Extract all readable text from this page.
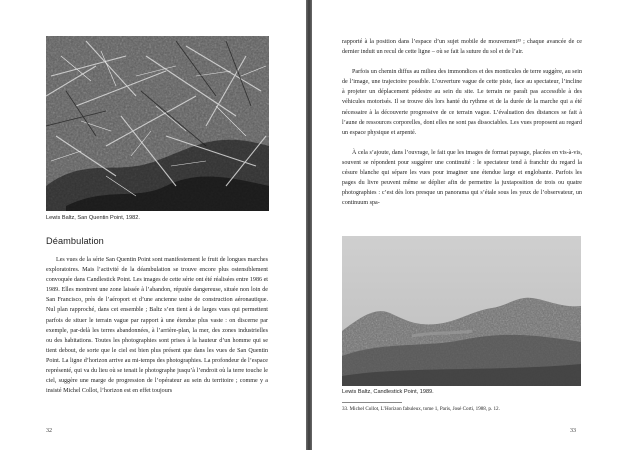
Lewis Baltz, San Quentin Point, 1982.
Déambulation

Les vues de la série San Quentin Point sont manifestement le fruit de longues marches exploratoires. Mais l’activité de la déambulation se trouve encore plus ostensiblement convoquée dans Candlestick Point. Les images de cette série ont été réalisées entre 1986 et 1989. Elles montrent une zone laissée à l’abandon, réputée dangereuse, située non loin de San Francisco, près de l’aéroport et d’une ancienne usine de construction aéronautique. Nul plan rapproché, dans cet ensemble ; Baltz s’en tient à de larges vues qui permettent parfois de situer le terrain vague par rapport à une étendue plus vaste : on discerne par exemple, par-delà les terres abandonnées, à l’arrière-plan, la mer, des zones industrielles ou des habitations. Toutes les photographies sont prises à la hauteur d’un homme qui se tient debout, de sorte que le ciel est bien plus présent que dans les vues de San Quentin Point. La ligne d’horizon arrive au mi-temps des photographies. La profondeur de l’espace représenté, qui va du lieu où se tenait le photographe jusqu’à l’endroit où la terre touche le ciel, suggère une marge de progression de l’opérateur au sein du territoire ; comme y a insisté Michel Collot, l’horizon est en effet toujours

32

rapporté à la position dans l’espace d’un sujet mobile de mouvement³³ ; chaque avancée de ce dernier induit un recul de cette ligne – où se fait la suture du sol et de l’air.

Parfois un chemin diffus au milieu des immondices et des monticules de terre suggère, au sein de l’image, une trajectoire possible. L’ouverture vague de cette piste, face au spectateur, l’incline à projeter un déplacement pédestre au sein du site. Le terrain ne paraît pas accessible à des véhicules motorisés. Il se trouve dès lors hanté du rythme et de la durée de la marche qui a été nécessaire à la découverte progressive de ce terrain vague. L’évaluation des distances se fait à l’aune de ressources corporelles, dont elles ne sont pas dissociables. Les vues proposent au regard un espace physique et arpenté.

À cela s’ajoute, dans l’ouvrage, le fait que les images de format paysage, placées en vis-à-vis, souvent se répondent pour suggérer une continuité : le spectateur tend à franchir du regard la césure blanche qui sépare les vues pour imaginer une étendue large et englobante. Parfois les pages du livre peuvent même se déplier afin de permettre la juxtaposition de trois ou quatre photographies : c’est dès lors presque un panorama qui s’étale sous les yeux de l’observateur, un continuum spa-

Lewis Baltz, Candlestick Point, 1989.
33. Michel Collot, L’Horizon fabuleux, tome 1, Paris, José Corti, 1988, p. 12.
33
